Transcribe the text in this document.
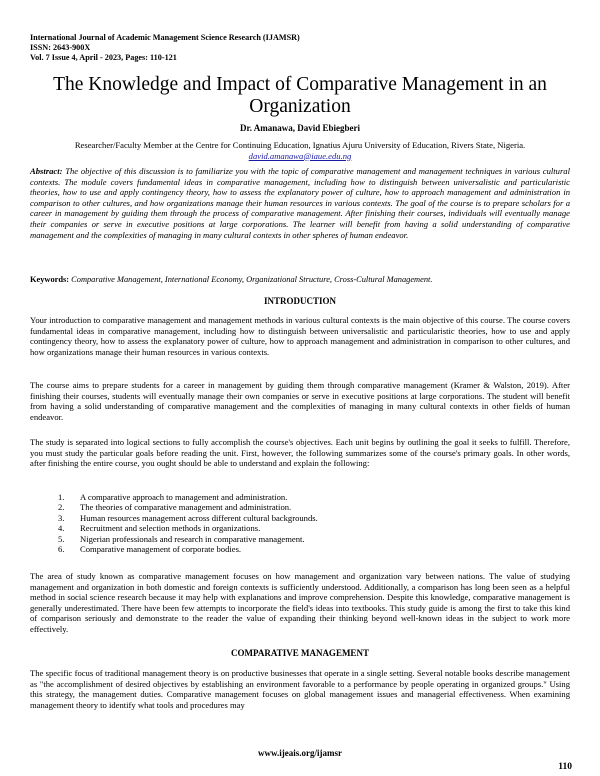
International Journal of Academic Management Science Research (IJAMSR)
ISSN: 2643-900X
Vol. 7 Issue 4, April - 2023, Pages: 110-121
The Knowledge and Impact of Comparative Management in an Organization
Dr. Amanawa, David Ebiegberi
Researcher/Faculty Member at the Centre for Continuing Education, Ignatius Ajuru University of Education, Rivers State, Nigeria.
david.amanawa@iaue.edu.ng
Abstract: The objective of this discussion is to familiarize you with the topic of comparative management and management techniques in various cultural contexts. The module covers fundamental ideas in comparative management, including how to distinguish between universalistic and particularistic theories, how to use and apply contingency theory, how to assess the explanatory power of culture, how to approach management and administration in comparison to other cultures, and how organizations manage their human resources in various contexts. The goal of the course is to prepare scholars for a career in management by guiding them through the process of comparative management. After finishing their courses, individuals will eventually manage their companies or serve in executive positions at large corporations. The learner will benefit from having a solid understanding of comparative management and the complexities of managing in many cultural contexts in other spheres of human endeavor.
Keywords: Comparative Management, International Economy, Organizational Structure, Cross-Cultural Management.
INTRODUCTION
Your introduction to comparative management and management methods in various cultural contexts is the main objective of this course. The course covers fundamental ideas in comparative management, including how to distinguish between universalistic and particularistic theories, how to use and apply contingency theory, how to assess the explanatory power of culture, how to approach management and administration in comparison to other cultures, and how organizations manage their human resources in various contexts.
The course aims to prepare students for a career in management by guiding them through comparative management (Kramer & Walston, 2019). After finishing their courses, students will eventually manage their own companies or serve in executive positions at large corporations. The student will benefit from having a solid understanding of comparative management and the complexities of managing in many cultural contexts in other fields of human endeavor.
The study is separated into logical sections to fully accomplish the course's objectives. Each unit begins by outlining the goal it seeks to fulfill. Therefore, you must study the particular goals before reading the unit. First, however, the following summarizes some of the course's primary goals. In other words, after finishing the entire course, you ought should be able to understand and explain the following:
1. A comparative approach to management and administration.
2. The theories of comparative management and administration.
3. Human resources management across different cultural backgrounds.
4. Recruitment and selection methods in organizations.
5. Nigerian professionals and research in comparative management.
6. Comparative management of corporate bodies.
The area of study known as comparative management focuses on how management and organization vary between nations. The value of studying management and organization in both domestic and foreign contexts is sufficiently understood. Additionally, a comparison has long been seen as a helpful method in social science research because it may help with explanations and improve comprehension. Despite this knowledge, comparative management is generally underestimated. There have been few attempts to incorporate the field's ideas into textbooks. This study guide is among the first to take this kind of comparison seriously and demonstrate to the reader the value of expanding their thinking beyond well-known ideas in the subject to work more effectively.
COMPARATIVE MANAGEMENT
The specific focus of traditional management theory is on productive businesses that operate in a single setting. Several notable books describe management as "the accomplishment of desired objectives by establishing an environment favorable to a performance by people operating in organized groups." Using this strategy, the management duties. Comparative management focuses on global management issues and managerial effectiveness. When examining management theory to identify what tools and procedures may
www.ijeais.org/ijamsr
110
